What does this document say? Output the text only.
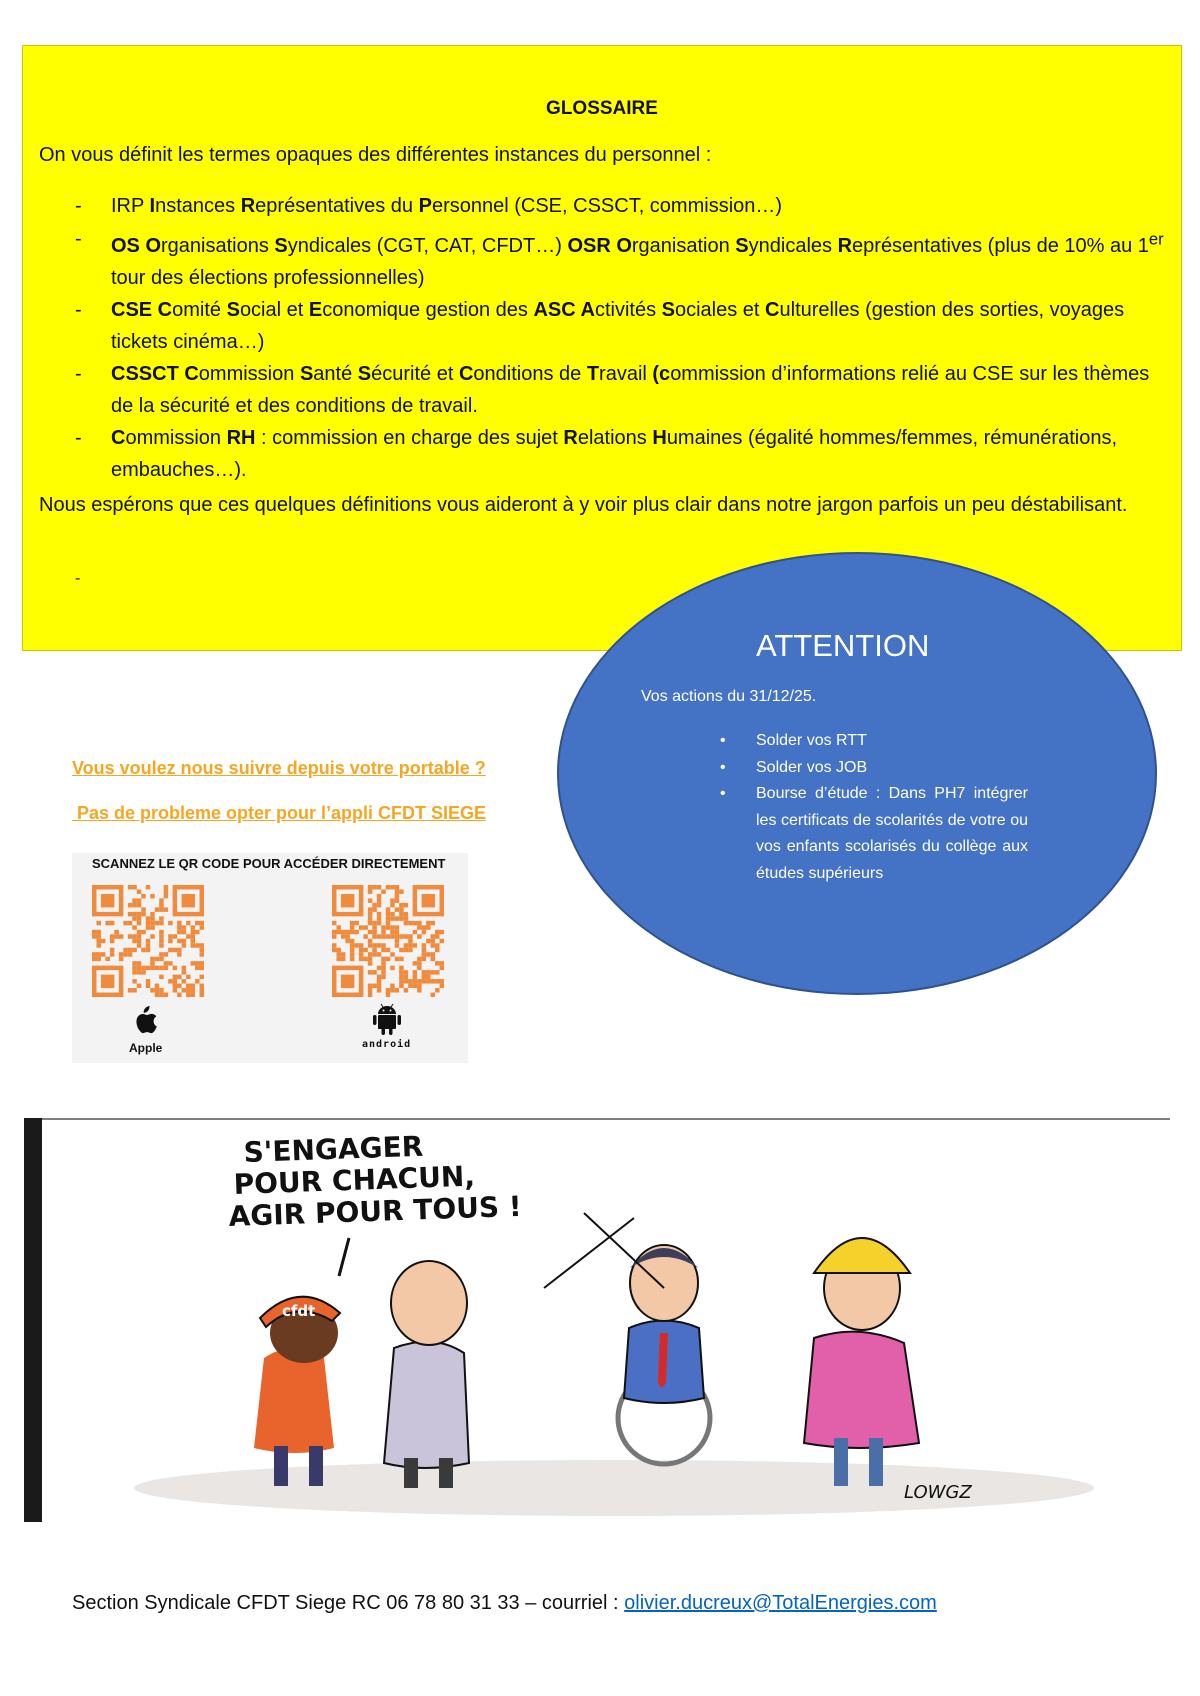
GLOSSAIRE
On vous définit les termes opaques des différentes instances du personnel :
- IRP Instances Représentatives du Personnel (CSE, CSSCT, commission…)
- OS Organisations Syndicales (CGT, CAT, CFDT…) OSR Organisation Syndicales Représentatives (plus de 10% au 1er tour des élections professionnelles)
- CSE Comité Social et Economique gestion des ASC Activités Sociales et Culturelles (gestion des sorties, voyages tickets cinéma…)
- CSSCT Commission Santé Sécurité et Conditions de Travail (commission d’informations relié au CSE sur les thèmes de la sécurité et des conditions de travail.
- Commission RH : commission en charge des sujet Relations Humaines (égalité hommes/femmes, rémunérations, embauches…).
Nous espérons que ces quelques définitions vous aideront à y voir plus clair dans notre jargon parfois un peu déstabilisant.
-
ATTENTION
Vos actions du 31/12/25.
• Solder vos RTT
• Solder vos JOB
• Bourse d’étude : Dans PH7 intégrer les certificats de scolarités de votre ou vos enfants scolarisés du collège aux études supérieurs
Vous voulez nous suivre depuis votre portable ?
Pas de probleme opter pour l’appli CFDT SIEGE
SCANNEZ LE QR CODE POUR ACCÉDER DIRECTEMENT
Apple	android
S'ENGAGER
POUR CHACUN,
AGIR POUR TOUS !
cfdt
LOWGZ
Section Syndicale CFDT Siege RC 06 78 80 31 33 – courriel : olivier.ducreux@TotalEnergies.com
